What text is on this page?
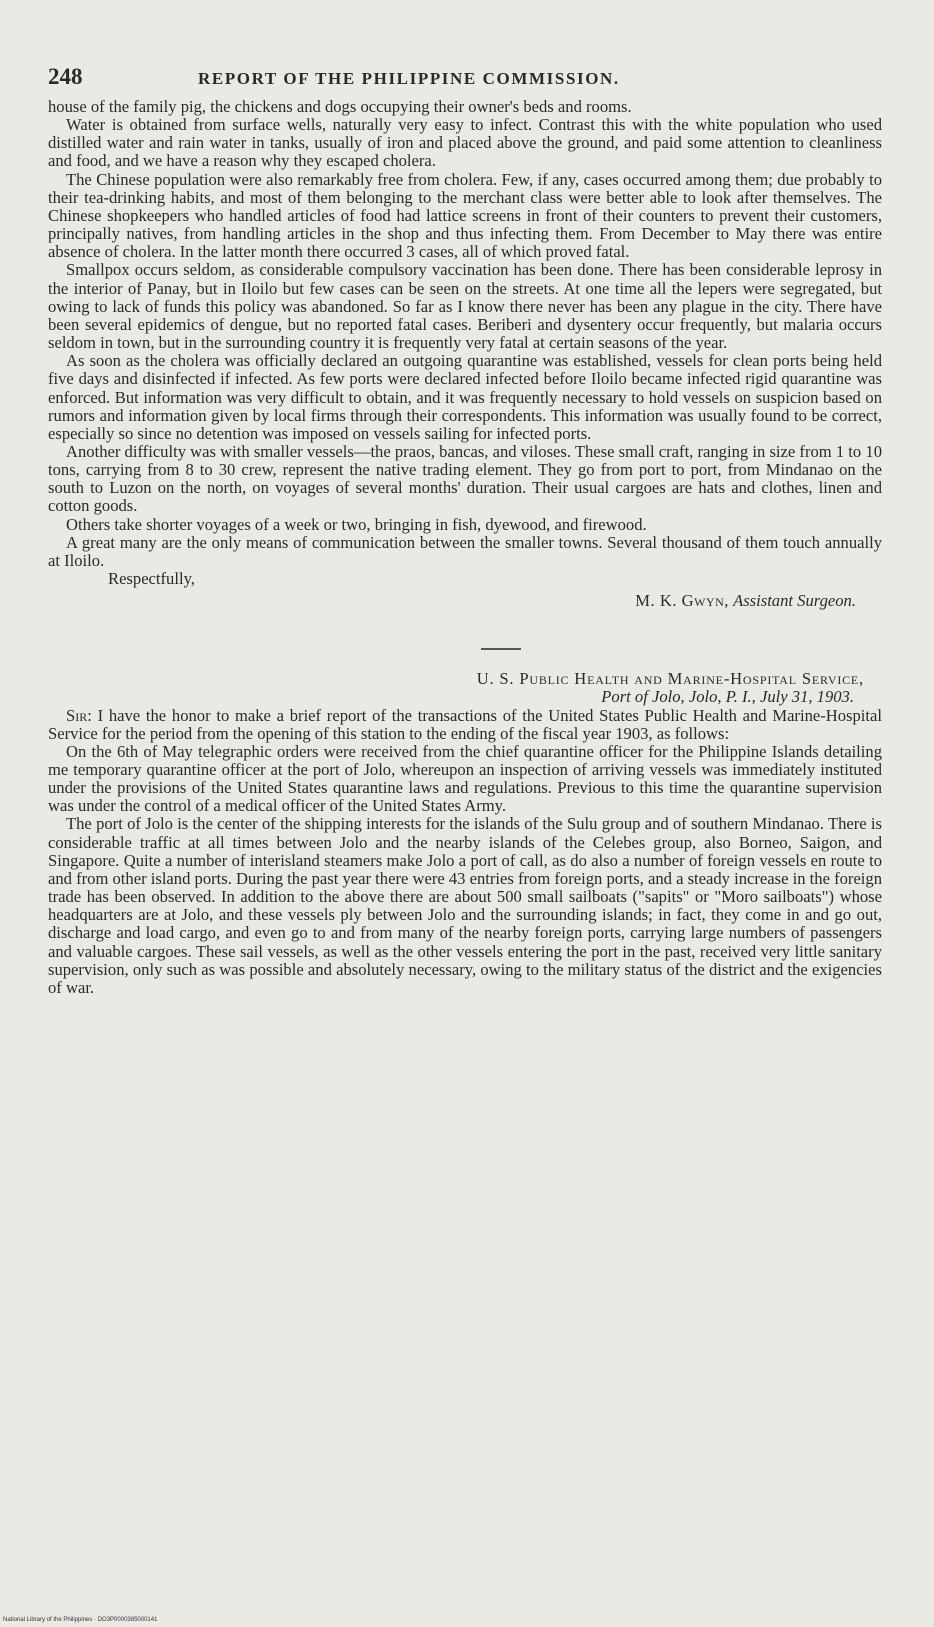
248	REPORT OF THE PHILIPPINE COMMISSION.

house of the family pig, the chickens and dogs occupying their owner's beds and rooms.

Water is obtained from surface wells, naturally very easy to infect. Contrast this with the white population who used distilled water and rain water in tanks, usually of iron and placed above the ground, and paid some attention to cleanliness and food, and we have a reason why they escaped cholera.

The Chinese population were also remarkably free from cholera. Few, if any, cases occurred among them; due probably to their tea-drinking habits, and most of them belonging to the merchant class were better able to look after themselves. The Chinese shopkeepers who handled articles of food had lattice screens in front of their counters to prevent their customers, principally natives, from handling articles in the shop and thus infecting them. From December to May there was entire absence of cholera. In the latter month there occurred 3 cases, all of which proved fatal.

Smallpox occurs seldom, as considerable compulsory vaccination has been done. There has been considerable leprosy in the interior of Panay, but in Iloilo but few cases can be seen on the streets. At one time all the lepers were segregated, but owing to lack of funds this policy was abandoned. So far as I know there never has been any plague in the city. There have been several epidemics of dengue, but no reported fatal cases. Beriberi and dysentery occur frequently, but malaria occurs seldom in town, but in the surrounding country it is frequently very fatal at certain seasons of the year.

As soon as the cholera was officially declared an outgoing quarantine was established, vessels for clean ports being held five days and disinfected if infected. As few ports were declared infected before Iloilo became infected rigid quarantine was enforced. But information was very difficult to obtain, and it was frequently necessary to hold vessels on suspicion based on rumors and information given by local firms through their correspondents. This information was usually found to be correct, especially so since no detention was imposed on vessels sailing for infected ports.

Another difficulty was with smaller vessels—the praos, bancas, and viloses. These small craft, ranging in size from 1 to 10 tons, carrying from 8 to 30 crew, represent the native trading element. They go from port to port, from Mindanao on the south to Luzon on the north, on voyages of several months' duration. Their usual cargoes are hats and clothes, linen and cotton goods.

Others take shorter voyages of a week or two, bringing in fish, dyewood, and firewood.

A great many are the only means of communication between the smaller towns. Several thousand of them touch annually at Iloilo.

Respectfully,
M. K. Gwyn, Assistant Surgeon.
U. S. Public Health and Marine-Hospital Service,
Port of Jolo, Jolo, P. I., July 31, 1903.

Sir: I have the honor to make a brief report of the transactions of the United States Public Health and Marine-Hospital Service for the period from the opening of this station to the ending of the fiscal year 1903, as follows:

On the 6th of May telegraphic orders were received from the chief quarantine officer for the Philippine Islands detailing me temporary quarantine officer at the port of Jolo, whereupon an inspection of arriving vessels was immediately instituted under the provisions of the United States quarantine laws and regulations. Previous to this time the quarantine supervision was under the control of a medical officer of the United States Army.

The port of Jolo is the center of the shipping interests for the islands of the Sulu group and of southern Mindanao. There is considerable traffic at all times between Jolo and the nearby islands of the Celebes group, also Borneo, Saigon, and Singapore. Quite a number of interisland steamers make Jolo a port of call, as do also a number of foreign vessels en route to and from other island ports. During the past year there were 43 entries from foreign ports, and a steady increase in the foreign trade has been observed. In addition to the above there are about 500 small sailboats ("sapits" or "Moro sailboats") whose headquarters are at Jolo, and these vessels ply between Jolo and the surrounding islands; in fact, they come in and go out, discharge and load cargo, and even go to and from many of the nearby foreign ports, carrying large numbers of passengers and valuable cargoes. These sail vessels, as well as the other vessels entering the port in the past, received very little sanitary supervision, only such as was possible and absolutely necessary, owing to the military status of the district and the exigencies of war.

National Library of the Philippines · DO3P0000385000141
